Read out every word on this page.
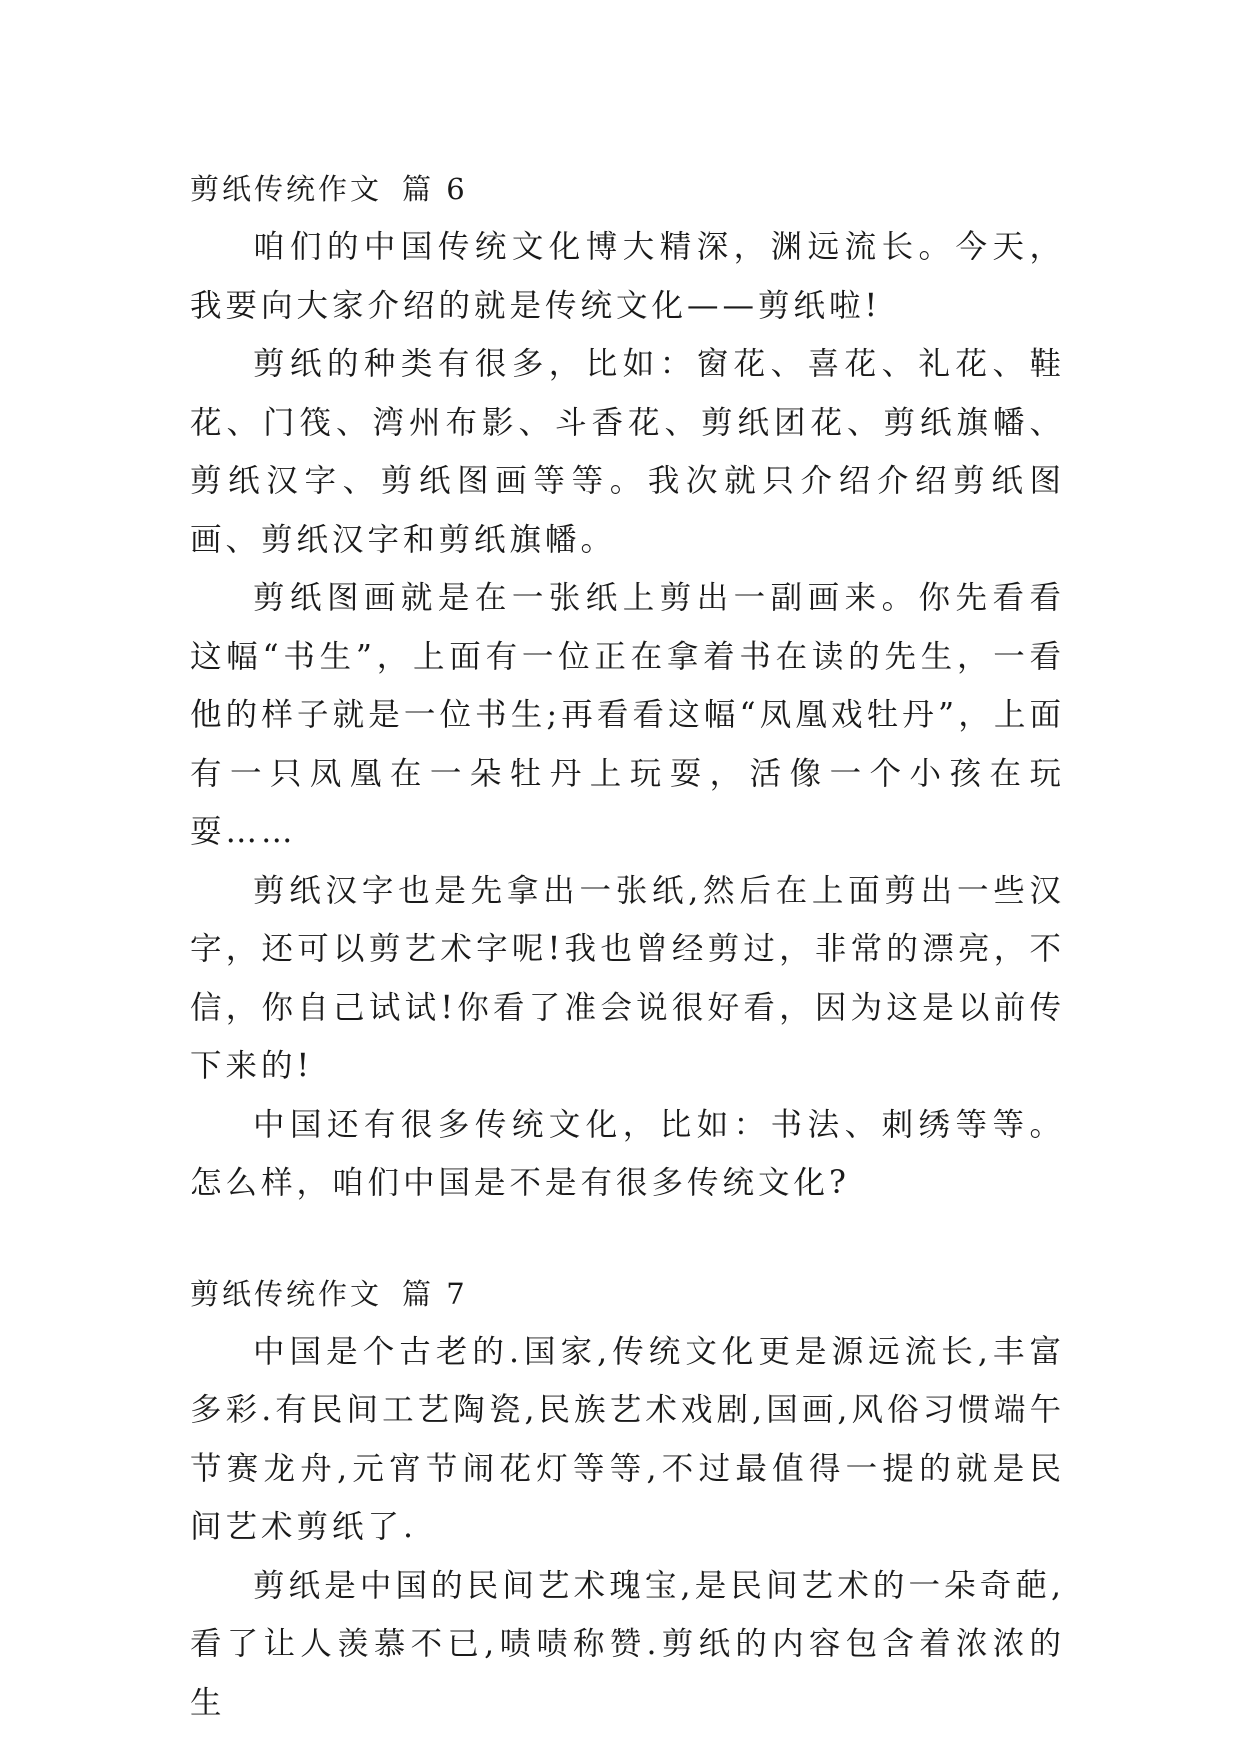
剪纸传统作文 篇 6

咱们的中国传统文化博大精深，渊远流长。今天，我要向大家介绍的就是传统文化——剪纸啦!

剪纸的种类有很多，比如：窗花、喜花、礼花、鞋花、门筏、湾州布影、斗香花、剪纸团花、剪纸旗幡、剪纸汉字、剪纸图画等等。我次就只介绍介绍剪纸图画、剪纸汉字和剪纸旗幡。

剪纸图画就是在一张纸上剪出一副画来。你先看看这幅“书生”，上面有一位正在拿着书在读的先生，一看他的样子就是一位书生;再看看这幅“凤凰戏牡丹”，上面有一只凤凰在一朵牡丹上玩耍，活像一个小孩在玩耍……

剪纸汉字也是先拿出一张纸,然后在上面剪出一些汉字，还可以剪艺术字呢!我也曾经剪过，非常的漂亮，不信，你自己试试!你看了准会说很好看，因为这是以前传下来的!

中国还有很多传统文化，比如：书法、刺绣等等。怎么样，咱们中国是不是有很多传统文化?

剪纸传统作文 篇 7

中国是个古老的.国家,传统文化更是源远流长,丰富多彩.有民间工艺陶瓷,民族艺术戏剧,国画,风俗习惯端午节赛龙舟,元宵节闹花灯等等,不过最值得一提的就是民间艺术剪纸了.

剪纸是中国的民间艺术瑰宝,是民间艺术的一朵奇葩,看了让人羡慕不已,啧啧称赞.剪纸的内容包含着浓浓的生
